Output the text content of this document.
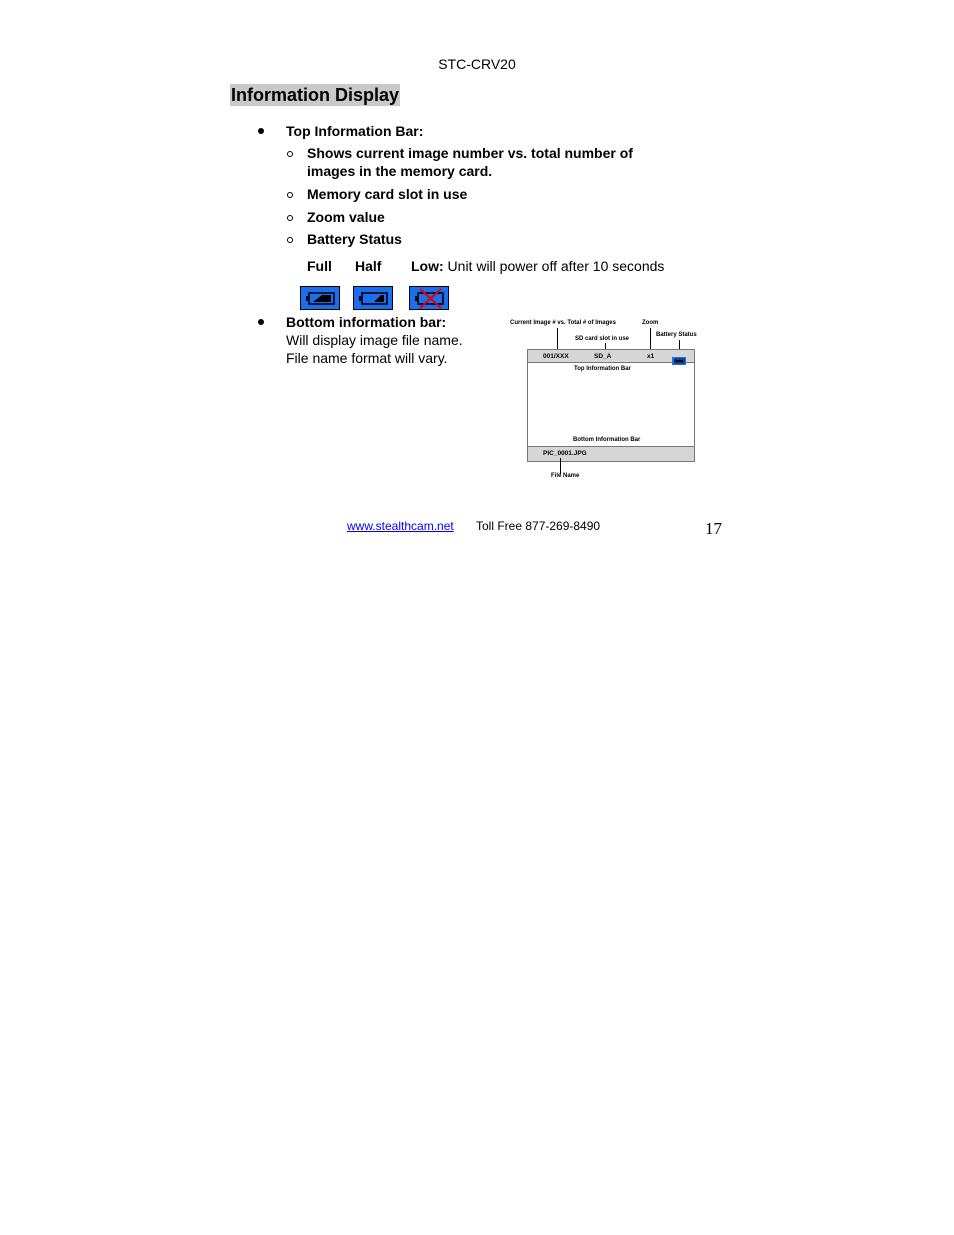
STC-CRV20
Information Display
Top Information Bar:
Shows current image number vs. total number of
images in the memory card.
Memory card slot in use
Zoom value
Battery Status
Full Half Low: Unit will power off after 10 seconds
Bottom information bar:
Will display image file name.
File name format will vary.
Current Image # vs. Total # of Images	Zoom
Battery Status
SD card slot in use
001/XXX	SD_A	x1
Top Information Bar
Bottom Information Bar
PIC_0001.JPG
File Name
www.stealthcam.net Toll Free 877-269-8490	17
